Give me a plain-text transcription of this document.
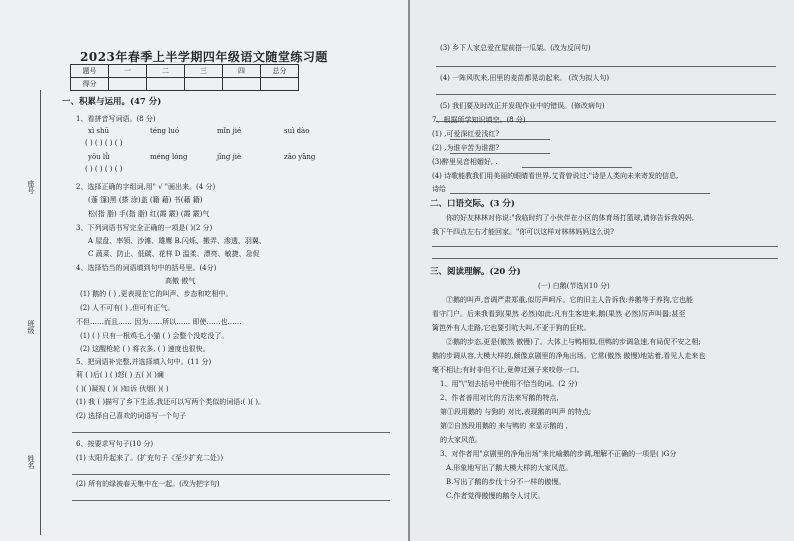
座号
班级
姓名
2023年春季上半学期四年级语文随堂练习题
题号	一	二	三	四	总分
得分					
一、积累与运用。(47 分)
1、看拼音写词语。(8 分)
xì shū	téng luó	mǐn jié	suì dào
( ) ( ) ( ) ( )
yōu lǜ	méng lóng	jīng jiè	zāo yāng
( ) ( ) ( ) ( )
2、选择正确的字组词,用" √ "画出来。(4 分)
(蓬 篷)黑 (搽 涂)盖 (籍 藉) 书(藉 籍)
松(指 脂) 手(指 脂) 红(霞 霰) (霞 霰)气
3、下列词语书写完全正确的一项是( )(2 分)
A 屋盘、率领、沙滩、雄鹰 B.闪烁、搬弄、渗透、羽翼、
C 蔬菜、防止、低碳、花样 D 温柔、漂亮、敏捷、急促
4、选择恰当的词语填到句中的括号里。(4分)
高傲 傲气
(1) 鹅的 ( ) ,更表现在它的叫声、步态和吃相中。
(2) 人不可有( ) ,但可有正气。
不但……而且…… 因为……所以…… 即使……也……
(1) ( ) 只有一根鸡毛,小猫 ( ) 会整个没吃没了。
(2) 这醒枪轮 ( ) 将衣多, ( ) 速度也很快。
5、把词语补完整,并选择填入句中。(11 分)
莉 ( )后( ) ( )怒( ) 五( )( )斓
( )( )凝视 ( )( )如诉 伙烟( )( )
(1) 我 ( )描写了乡下生活,我还可以写两个类似的词语:( )( )。
(2) 选择自己喜欢的词语写一个句子
6、按要求写句子(10 分)
(1) 太阳升起来了。(扩充句子《至少扩充二处》)
(2) 所有的绿被春天集中在一起。(改为把字句)
(3) 乡下人家总爱在屋前搭一瓜架。(改为反问句)
(4) 一阵风吹来,田里的麦苗都晃动起来。 (改为拟人句)
(5) 我们要及时改正并发现作业中的错误。(修改病句)
7、根据所学知识填空。(8 分)
(1) ,可爱深红爱浅红?
(2) ,为谁辛苦为谁甜?
(3)醉里吴音相媚好, .
(4) 诗歌能教我们用美丽的眼睛看世界,艾青曾说过:"诗是人类向未来寄发的信息,
诗给
二、口语交际。(3 分)
你的好友林林对你说:"我临时约了小伙伴在小区的体育场打篮球,请你告诉我妈妈,
我下午四点左右才能回家。"你可以这样对林林妈妈这么说?
三、阅读理解。(20 分)
(一) 白鹅(节选)(10 分)
①鹅的叫声,音调严肃郑重,似厉声呵斥。它的旧主人告诉我:养鹅等于养狗,它也能
看守门户。后来我看到(果然 必然)如此:凡有生客进来,鹅(果然 必然)厉声叫嚣;甚至
篱笆外有人走路,它也要引吭大叫,不亚于狗的狂吠。
②鹅的步态,更是(傲然 傲慢)了。大体上与鸭相似,但鸭的步调急速,有局促不安之相;
鹅的步调从容,大模大样的,颇像京剧里的净角出场。它常(傲然 傲慢)地站着,看见人走来也
毫不相让;有时非但不让,竟伸过颈子来咬你一口。
1、用"\"划去括号中使用不恰当的词。(2 分)
2、作者善用对比的方法来写鹅的特点,
第①段用鹅的 与狗的 对比,表现鹅的叫声 的特点;
第②自然段用鹅的 来与鸭的 来显示鹅的 ,
的大家风范。
3、对作者用"京剧里的净角出场"来比喻鹅的步调,理解不正确的一项是( )G分
A.形象地写出了鹅大模大样的大家风范。
B.写出了鹅的步伐十分不一样的傲慢。
C.作者觉得傲慢的鹅令人讨厌。
